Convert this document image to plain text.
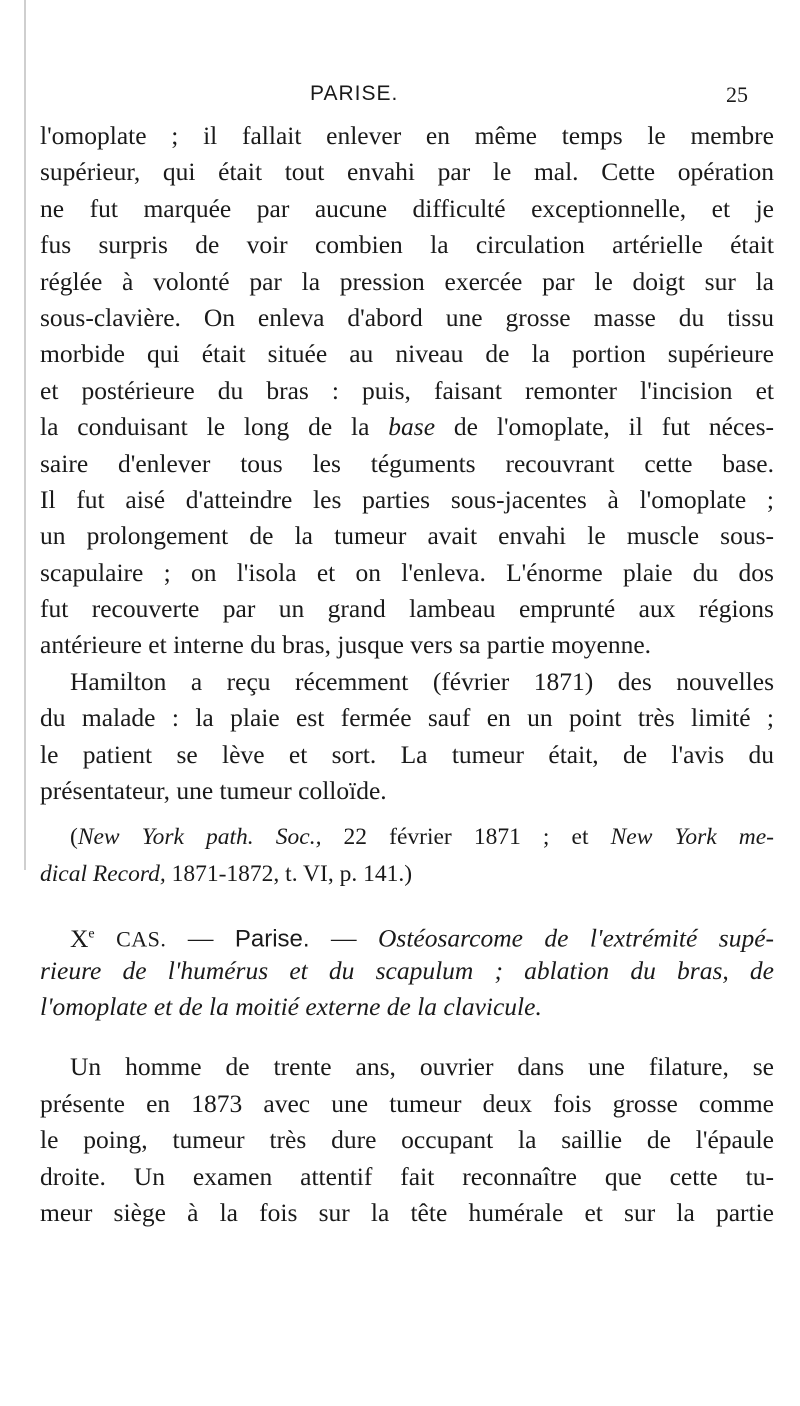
PARISE.	25
l'omoplate ; il fallait enlever en même temps le membre
supérieur, qui était tout envahi par le mal. Cette opération
ne fut marquée par aucune difficulté exceptionnelle, et je
fus surpris de voir combien la circulation artérielle était
réglée à volonté par la pression exercée par le doigt sur la
sous-clavière. On enleva d'abord une grosse masse du tissu
morbide qui était située au niveau de la portion supérieure
et postérieure du bras : puis, faisant remonter l'incision et
la conduisant le long de la base de l'omoplate, il fut néces-
saire d'enlever tous les téguments recouvrant cette base.
Il fut aisé d'atteindre les parties sous-jacentes à l'omoplate ;
un prolongement de la tumeur avait envahi le muscle sous-
scapulaire ; on l'isola et on l'enleva. L'énorme plaie du dos
fut recouverte par un grand lambeau emprunté aux régions
antérieure et interne du bras, jusque vers sa partie moyenne.
Hamilton a reçu récemment (février 1871) des nouvelles
du malade : la plaie est fermée sauf en un point très limité ;
le patient se lève et sort. La tumeur était, de l'avis du
présentateur, une tumeur colloïde.
(New York path. Soc., 22 février 1871 ; et New York me-
dical Record, 1871-1872, t. VI, p. 141.)
Xe CAS. — Parise. — Ostéosarcome de l'extrémité supé-
rieure de l'humérus et du scapulum ; ablation du bras, de
l'omoplate et de la moitié externe de la clavicule.
Un homme de trente ans, ouvrier dans une filature, se
présente en 1873 avec une tumeur deux fois grosse comme
le poing, tumeur très dure occupant la saillie de l'épaule
droite. Un examen attentif fait reconnaître que cette tu-
meur siège à la fois sur la tête humérale et sur la partie
